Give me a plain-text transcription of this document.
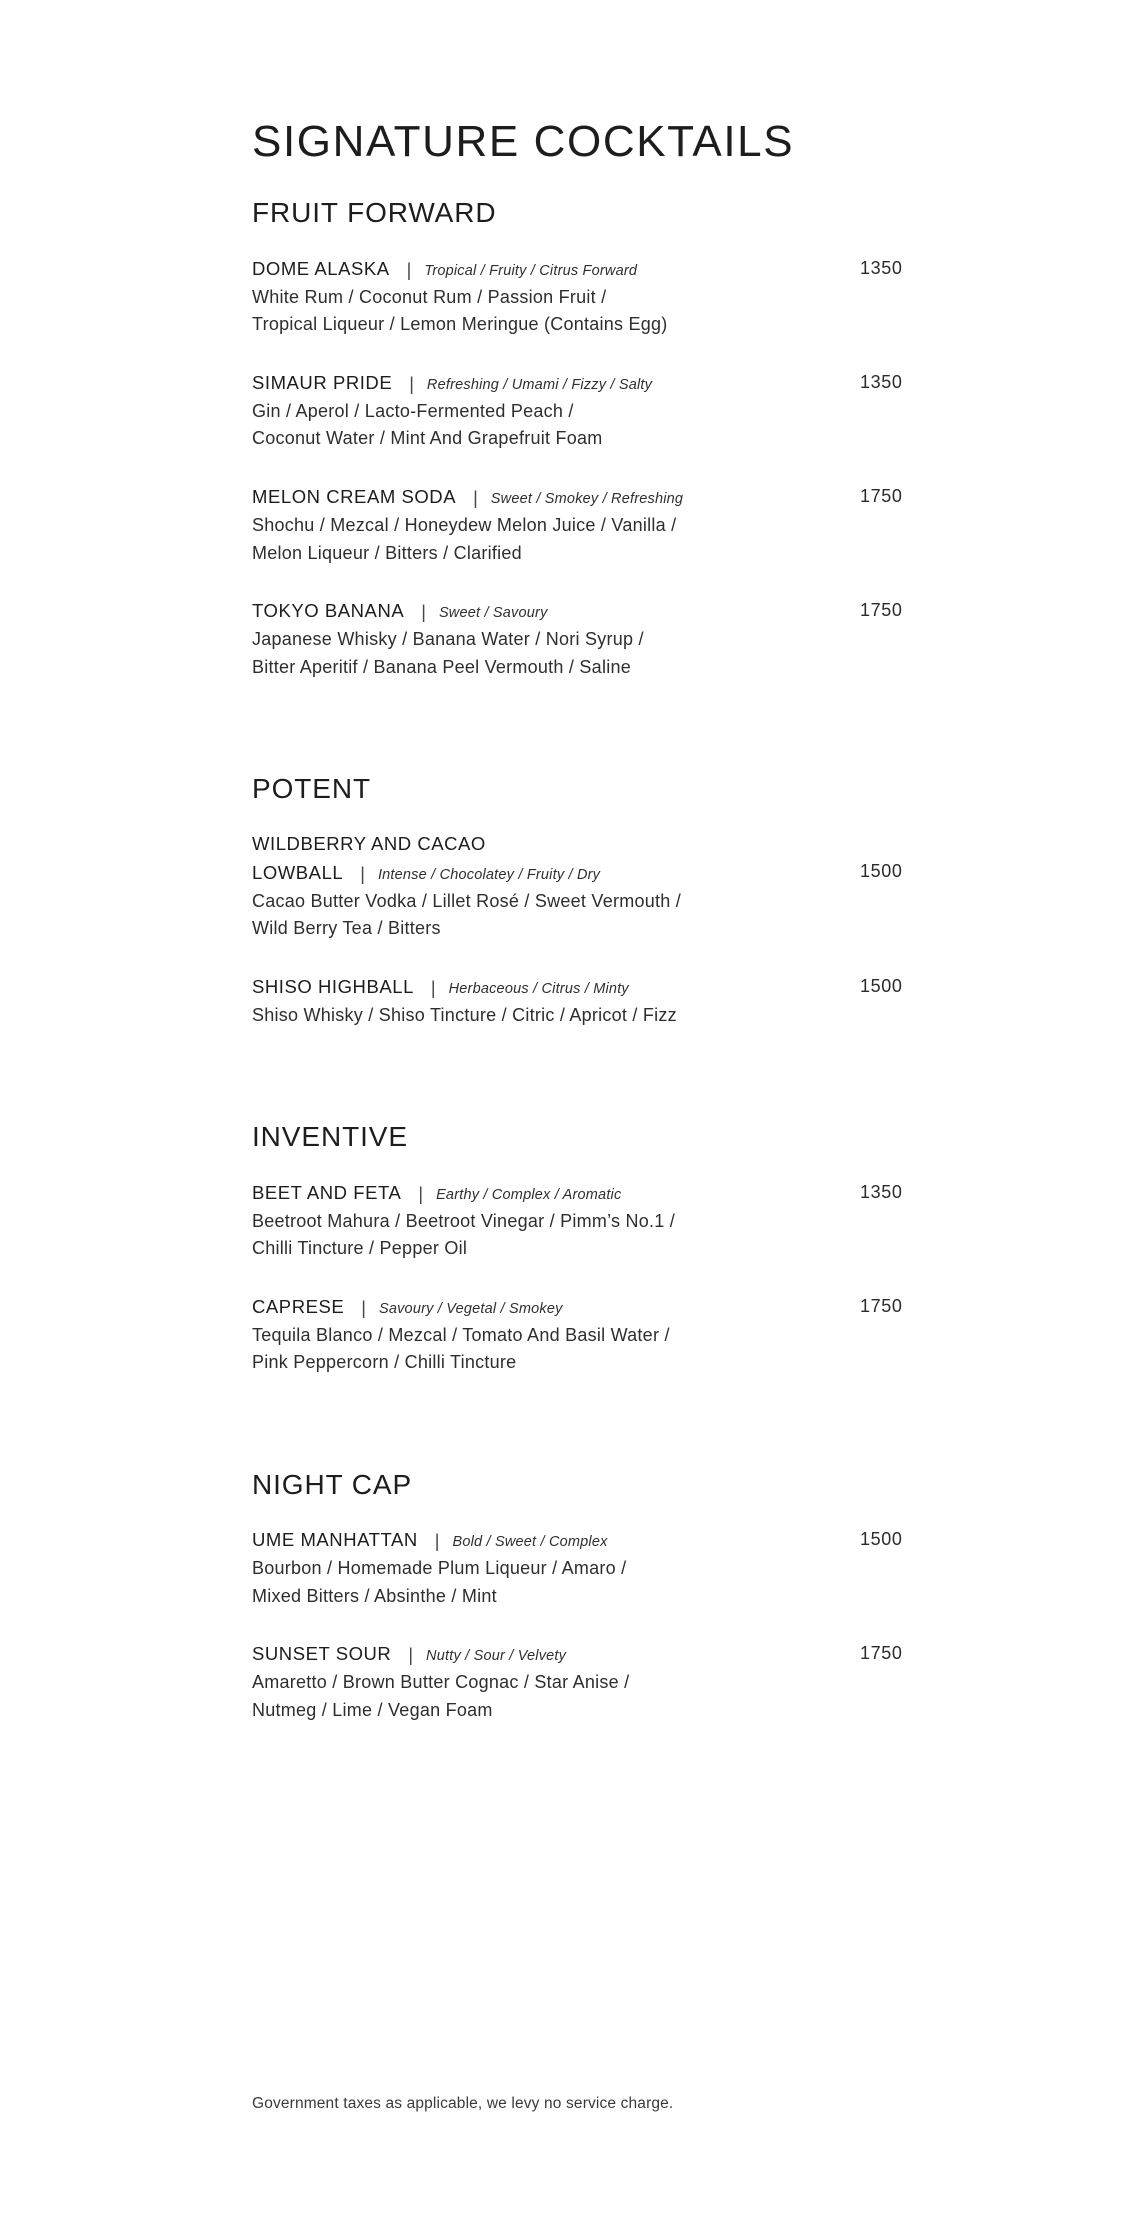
SIGNATURE COCKTAILS
FRUIT FORWARD
DOME ALASKA | Tropical / Fruity / Citrus Forward
White Rum / Coconut Rum / Passion Fruit /
Tropical Liqueur / Lemon Meringue (Contains Egg)
1350
SIMAUR PRIDE | Refreshing / Umami / Fizzy / Salty
Gin / Aperol / Lacto-Fermented Peach /
Coconut Water / Mint And Grapefruit Foam
1350
MELON CREAM SODA | Sweet / Smokey / Refreshing
Shochu / Mezcal / Honeydew Melon Juice / Vanilla /
Melon Liqueur / Bitters / Clarified
1750
TOKYO BANANA | Sweet / Savoury
Japanese Whisky / Banana Water / Nori Syrup /
Bitter Aperitif / Banana Peel Vermouth / Saline
1750
POTENT
WILDBERRY AND CACAO
LOWBALL | Intense / Chocolatey / Fruity / Dry
Cacao Butter Vodka / Lillet Rosé / Sweet Vermouth /
Wild Berry Tea / Bitters
1500
SHISO HIGHBALL | Herbaceous / Citrus / Minty
Shiso Whisky / Shiso Tincture / Citric / Apricot / Fizz
1500
INVENTIVE
BEET AND FETA | Earthy / Complex / Aromatic
Beetroot Mahura / Beetroot Vinegar / Pimm’s No.1 /
Chilli Tincture / Pepper Oil
1350
CAPRESE | Savoury / Vegetal / Smokey
Tequila Blanco / Mezcal / Tomato And Basil Water /
Pink Peppercorn / Chilli Tincture
1750
NIGHT CAP
UME MANHATTAN | Bold / Sweet / Complex
Bourbon / Homemade Plum Liqueur / Amaro /
Mixed Bitters / Absinthe / Mint
1500
SUNSET SOUR | Nutty / Sour / Velvety
Amaretto / Brown Butter Cognac / Star Anise /
Nutmeg / Lime / Vegan Foam
1750
Government taxes as applicable, we levy no service charge.
